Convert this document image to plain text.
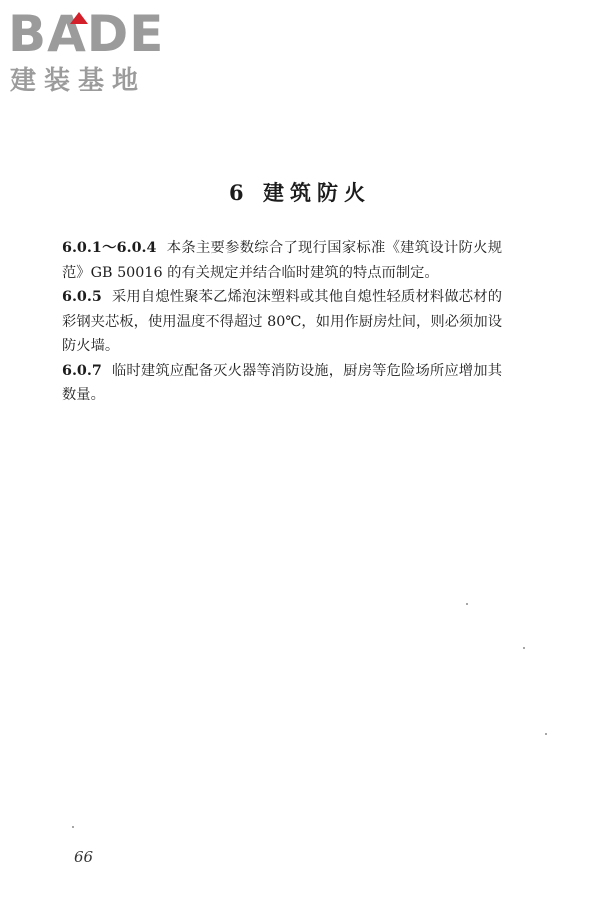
BADE
建装基地
6 建筑防火

6.0.1～6.0.4 本条主要参数综合了现行国家标准《建筑设计防火规范》GB 50016 的有关规定并结合临时建筑的特点而制定。

6.0.5 采用自熄性聚苯乙烯泡沫塑料或其他自熄性轻质材料做芯材的彩钢夹芯板，使用温度不得超过 80℃，如用作厨房灶间，则必须加设防火墙。

6.0.7 临时建筑应配备灭火器等消防设施，厨房等危险场所应增加其数量。

66
